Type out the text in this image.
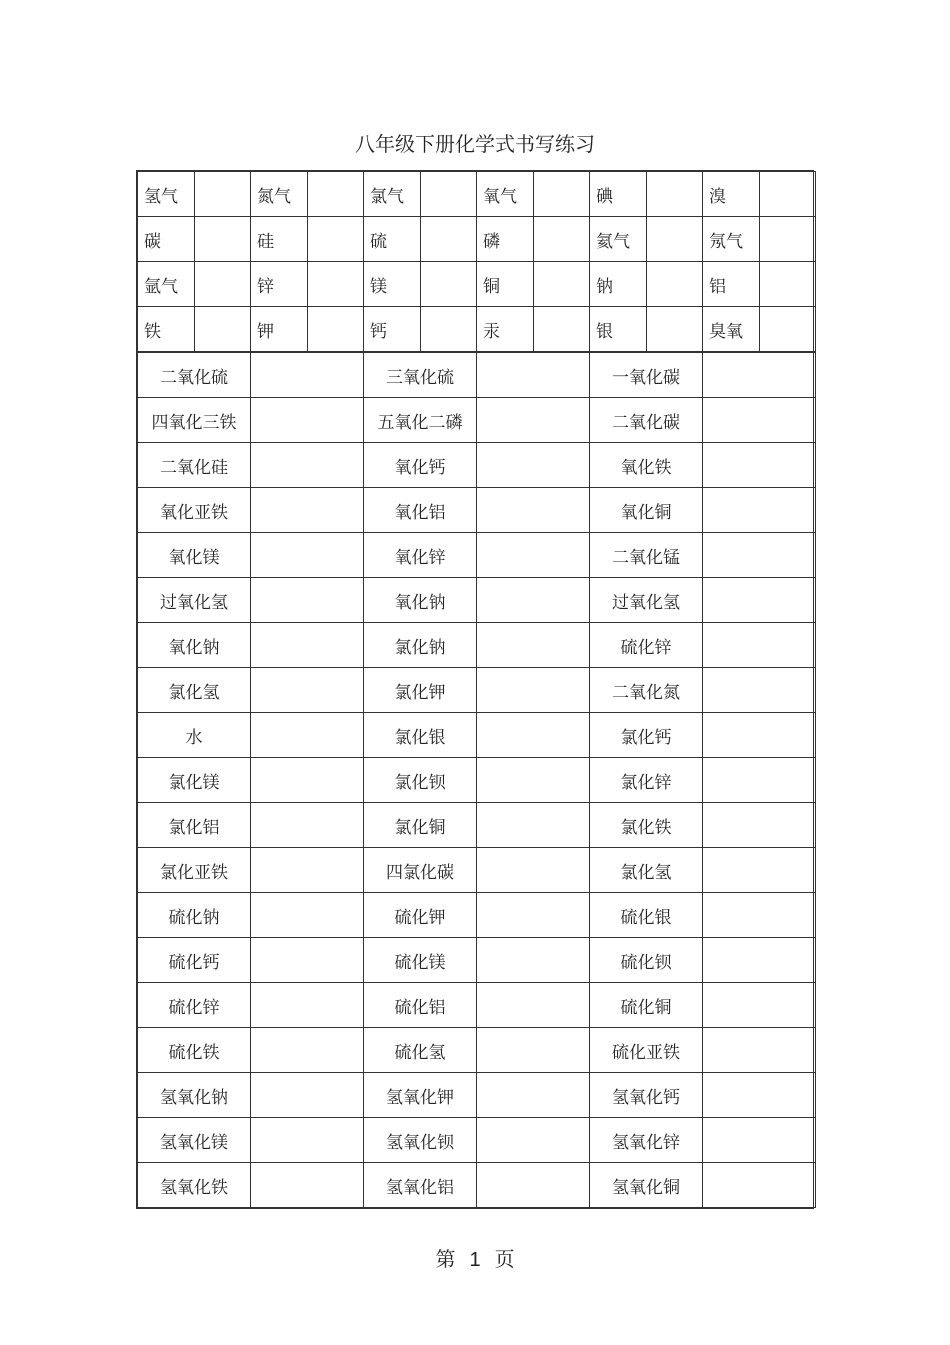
八年级下册化学式书写练习
氢气		氮气		氯气		氧气		碘		溴	
碳		硅		硫		磷		氦气		氖气	
氩气		锌		镁		铜		钠		铝	
铁		钾		钙		汞		银		臭氧	
二氧化硫		三氧化硫		一氧化碳	
四氧化三铁		五氧化二磷		二氧化碳	
二氧化硅		氧化钙		氧化铁	
氧化亚铁		氧化铝		氧化铜	
氧化镁		氧化锌		二氧化锰	
过氧化氢		氧化钠		过氧化氢	
氧化钠		氯化钠		硫化锌	
氯化氢		氯化钾		二氧化氮	
水		氯化银		氯化钙	
氯化镁		氯化钡		氯化锌	
氯化铝		氯化铜		氯化铁	
氯化亚铁		四氯化碳		氯化氢	
硫化钠		硫化钾		硫化银	
硫化钙		硫化镁		硫化钡	
硫化锌		硫化铝		硫化铜	
硫化铁		硫化氢		硫化亚铁	
氢氧化钠		氢氧化钾		氢氧化钙	
氢氧化镁		氢氧化钡		氢氧化锌	
氢氧化铁		氢氧化铝		氢氧化铜	
第 1 页
